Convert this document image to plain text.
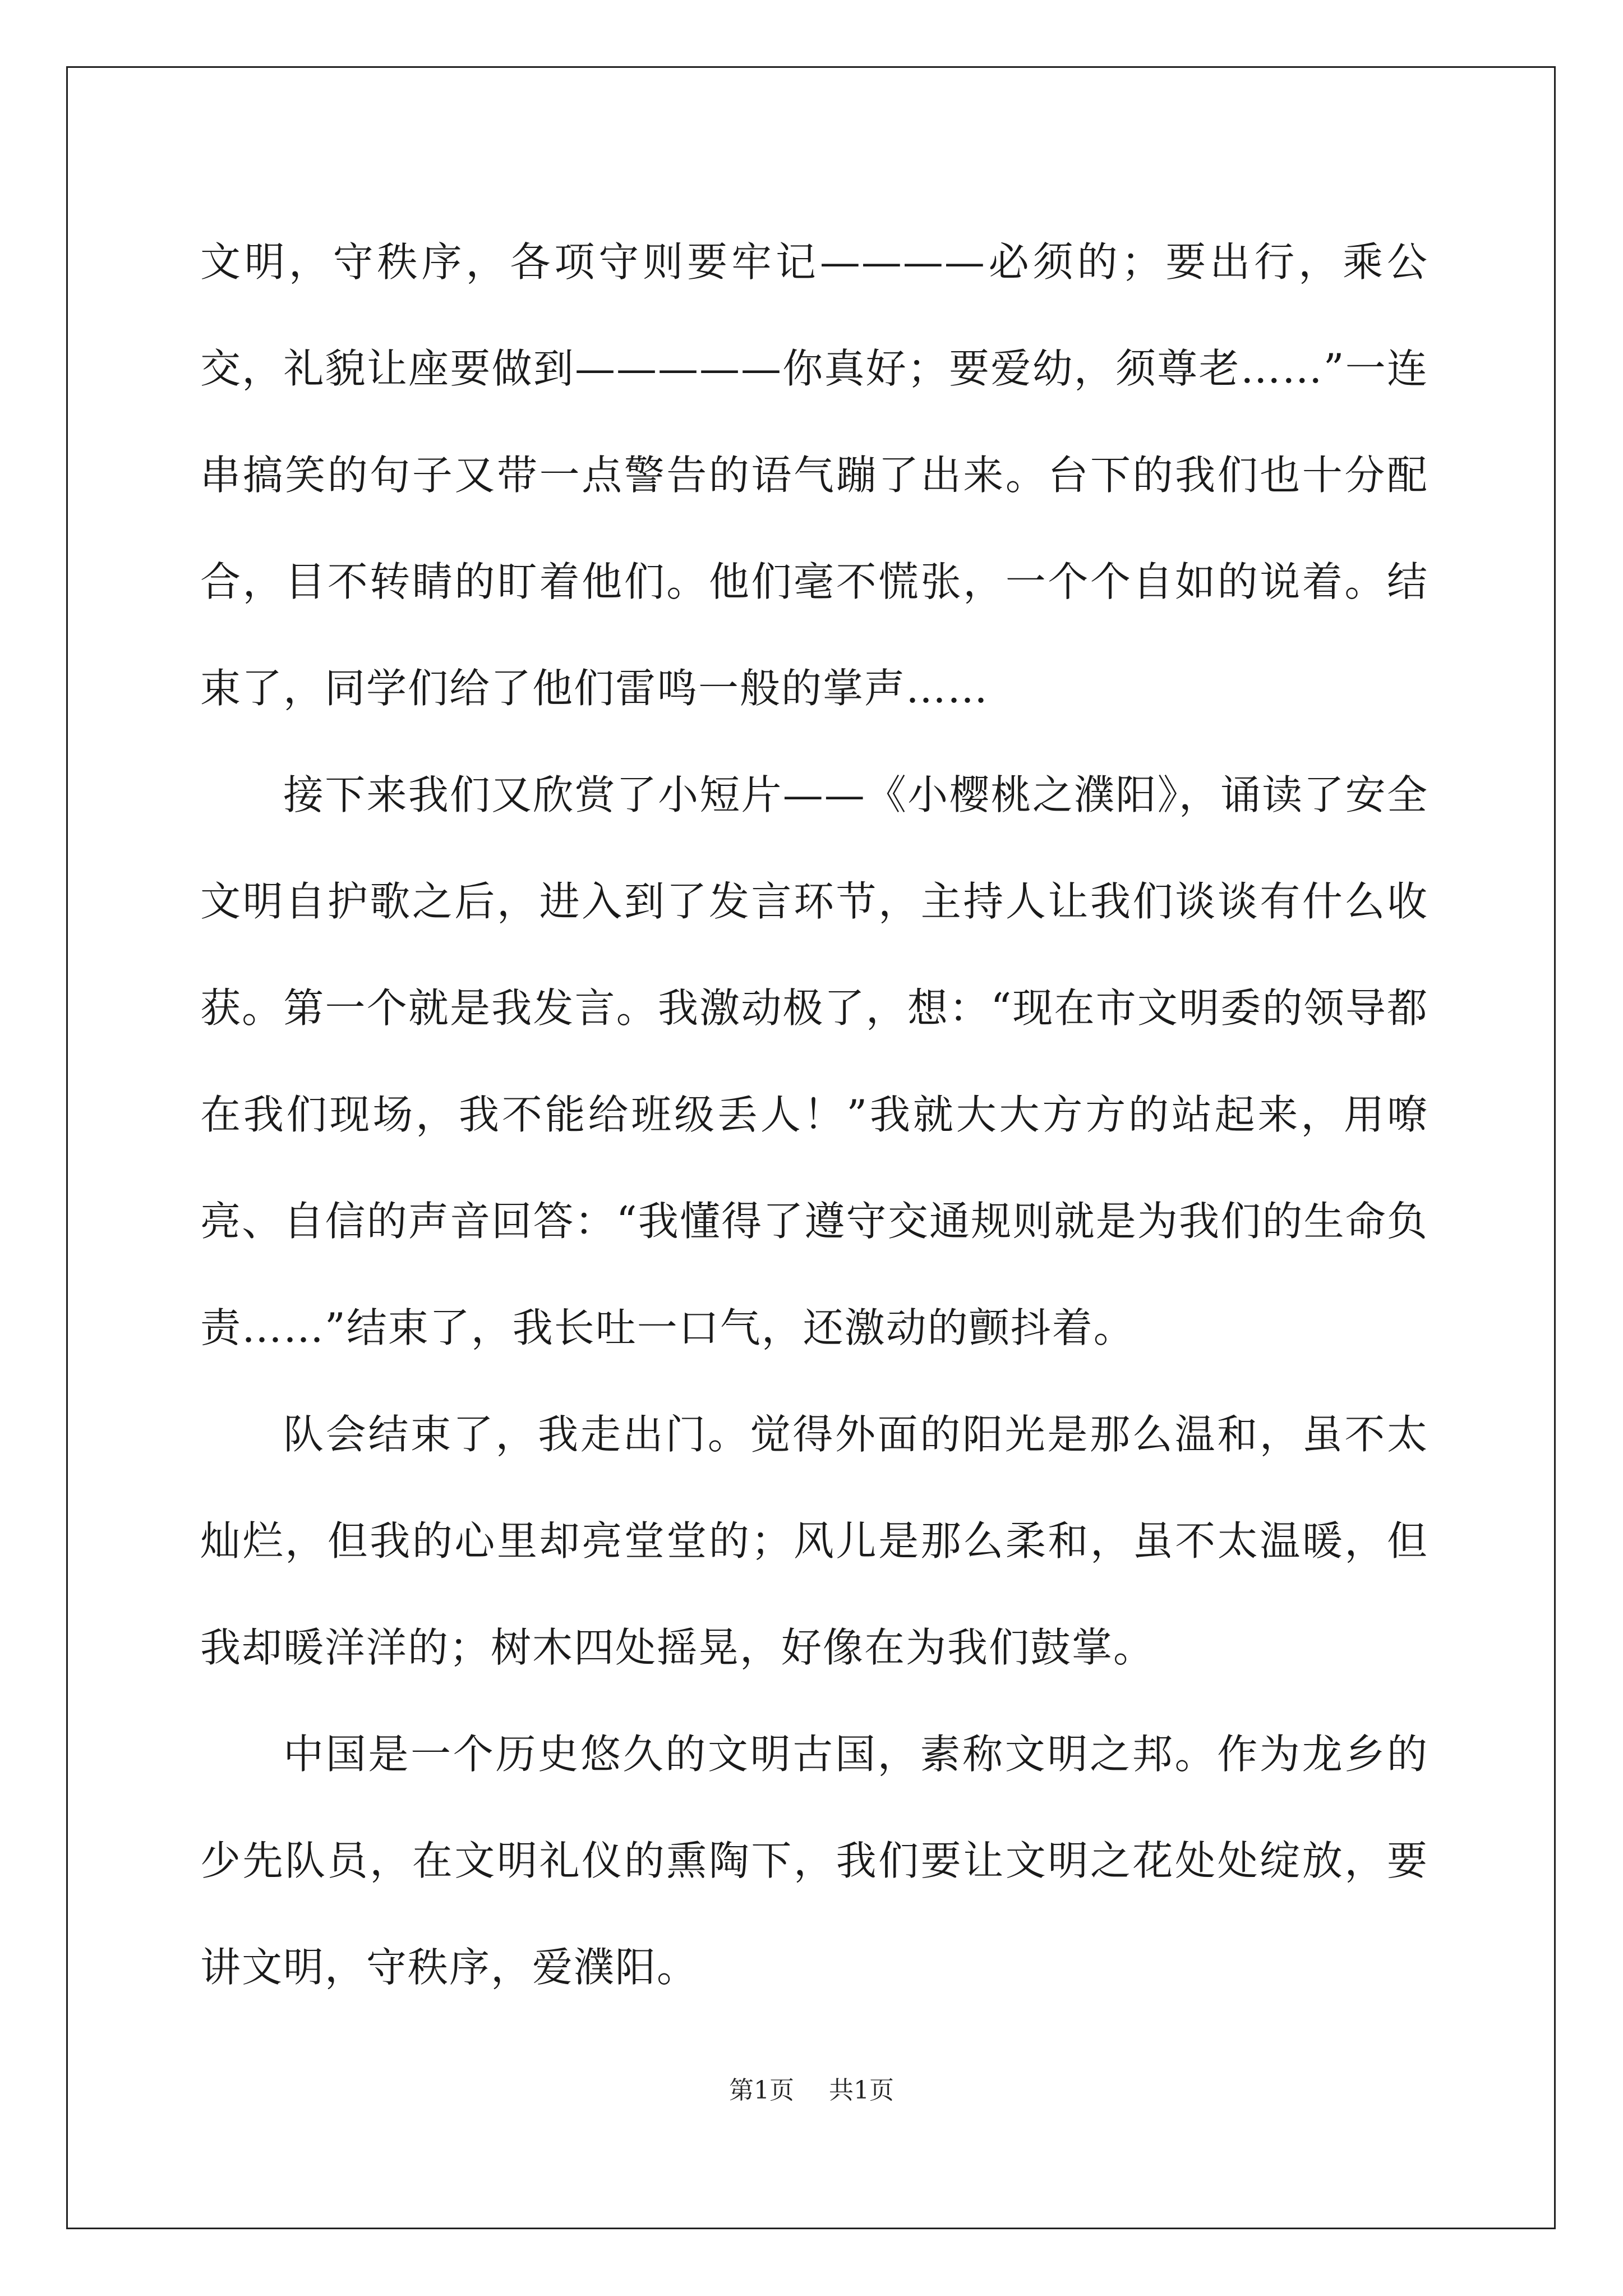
文明，守秩序，各项守则要牢记————必须的；要出行，乘公交，礼貌让座要做到—————你真好；要爱幼，须尊老……”一连串搞笑的句子又带一点警告的语气蹦了出来。台下的我们也十分配合，目不转睛的盯着他们。他们毫不慌张，一个个自如的说着。结束了，同学们给了他们雷鸣一般的掌声……

接下来我们又欣赏了小短片——《小樱桃之濮阳》，诵读了安全文明自护歌之后，进入到了发言环节，主持人让我们谈谈有什么收获。第一个就是我发言。我激动极了，想：“现在市文明委的领导都在我们现场，我不能给班级丢人！”我就大大方方的站起来，用嘹亮、自信的声音回答：“我懂得了遵守交通规则就是为我们的生命负责……”结束了，我长吐一口气，还激动的颤抖着。

队会结束了，我走出门。觉得外面的阳光是那么温和，虽不太灿烂，但我的心里却亮堂堂的；风儿是那么柔和，虽不太温暖，但我却暖洋洋的；树木四处摇晃，好像在为我们鼓掌。

中国是一个历史悠久的文明古国，素称文明之邦。作为龙乡的少先队员，在文明礼仪的熏陶下，我们要让文明之花处处绽放，要讲文明，守秩序，爱濮阳。

第1页 共1页
